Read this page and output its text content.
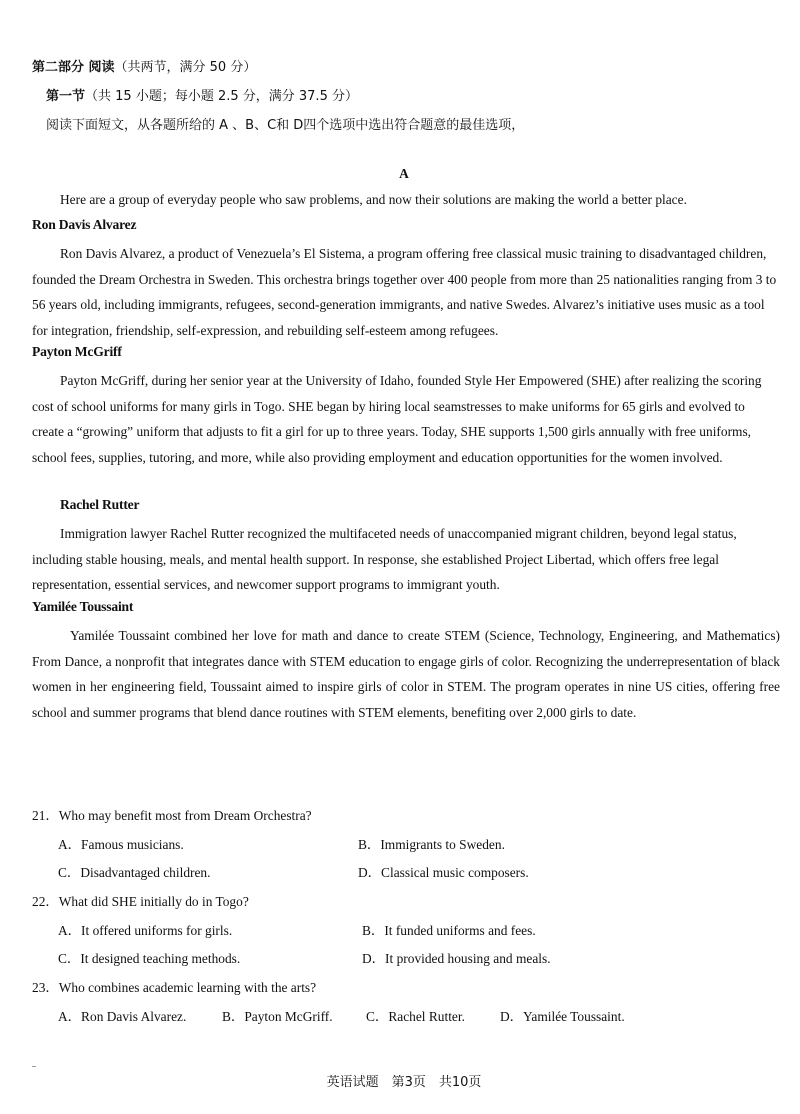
第二部分 阅读（共两节，满分 50 分）
第一节（共 15 小题；每小题 2.5 分，满分 37.5 分）
阅读下面短文，从各题所给的 A 、B、C和 D四个选项中选出符合题意的最佳选项，
A
Here are a group of everyday people who saw problems, and now their solutions are making the world a better place.
Ron Davis Alvarez
Ron Davis Alvarez, a product of Venezuela’s El Sistema, a program offering free classical music training to disadvantaged children, founded the Dream Orchestra in Sweden. This orchestra brings together over 400 people from more than 25 nationalities ranging from 3 to 56 years old, including immigrants, refugees, second-generation immigrants, and native Swedes. Alvarez’s initiative uses music as a tool for integration, friendship, self-expression, and rebuilding self-esteem among refugees.
Payton McGriff
Payton McGriff, during her senior year at the University of Idaho, founded Style Her Empowered (SHE) after realizing the scoring cost of school uniforms for many girls in Togo. SHE began by hiring local seamstresses to make uniforms for 65 girls and evolved to create a “growing” uniform that adjusts to fit a girl for up to three years. Today, SHE supports 1,500 girls annually with free uniforms, school fees, supplies, tutoring, and more, while also providing employment and education opportunities for the women involved.
Rachel Rutter
Immigration lawyer Rachel Rutter recognized the multifaceted needs of unaccompanied migrant children, beyond legal status, including stable housing, meals, and mental health support. In response, she established Project Libertad, which offers free legal representation, essential services, and newcomer support programs to immigrant youth.
Yamilée Toussaint
Yamilée Toussaint combined her love for math and dance to create STEM (Science, Technology, Engineering, and Mathematics) From Dance, a nonprofit that integrates dance with STEM education to engage girls of color. Recognizing the underrepresentation of black women in her engineering field, Toussaint aimed to inspire girls of color in STEM. The program operates in nine US cities, offering free school and summer programs that blend dance routines with STEM elements, benefiting over 2,000 girls to date.
21．Who may benefit most from Dream Orchestra?
A．Famous musicians.	B．Immigrants to Sweden.
C．Disadvantaged children.	D．Classical music composers.
22．What did SHE initially do in Togo?
A．It offered uniforms for girls.	B．It funded uniforms and fees.
C．It designed teaching methods.	D．It provided housing and meals.
23．Who combines academic learning with the arts?
A．Ron Davis Alvarez.	B．Payton McGriff. C．Rachel Rutter.	D．Yamilée Toussaint.
英语试题　第3页　共10页
